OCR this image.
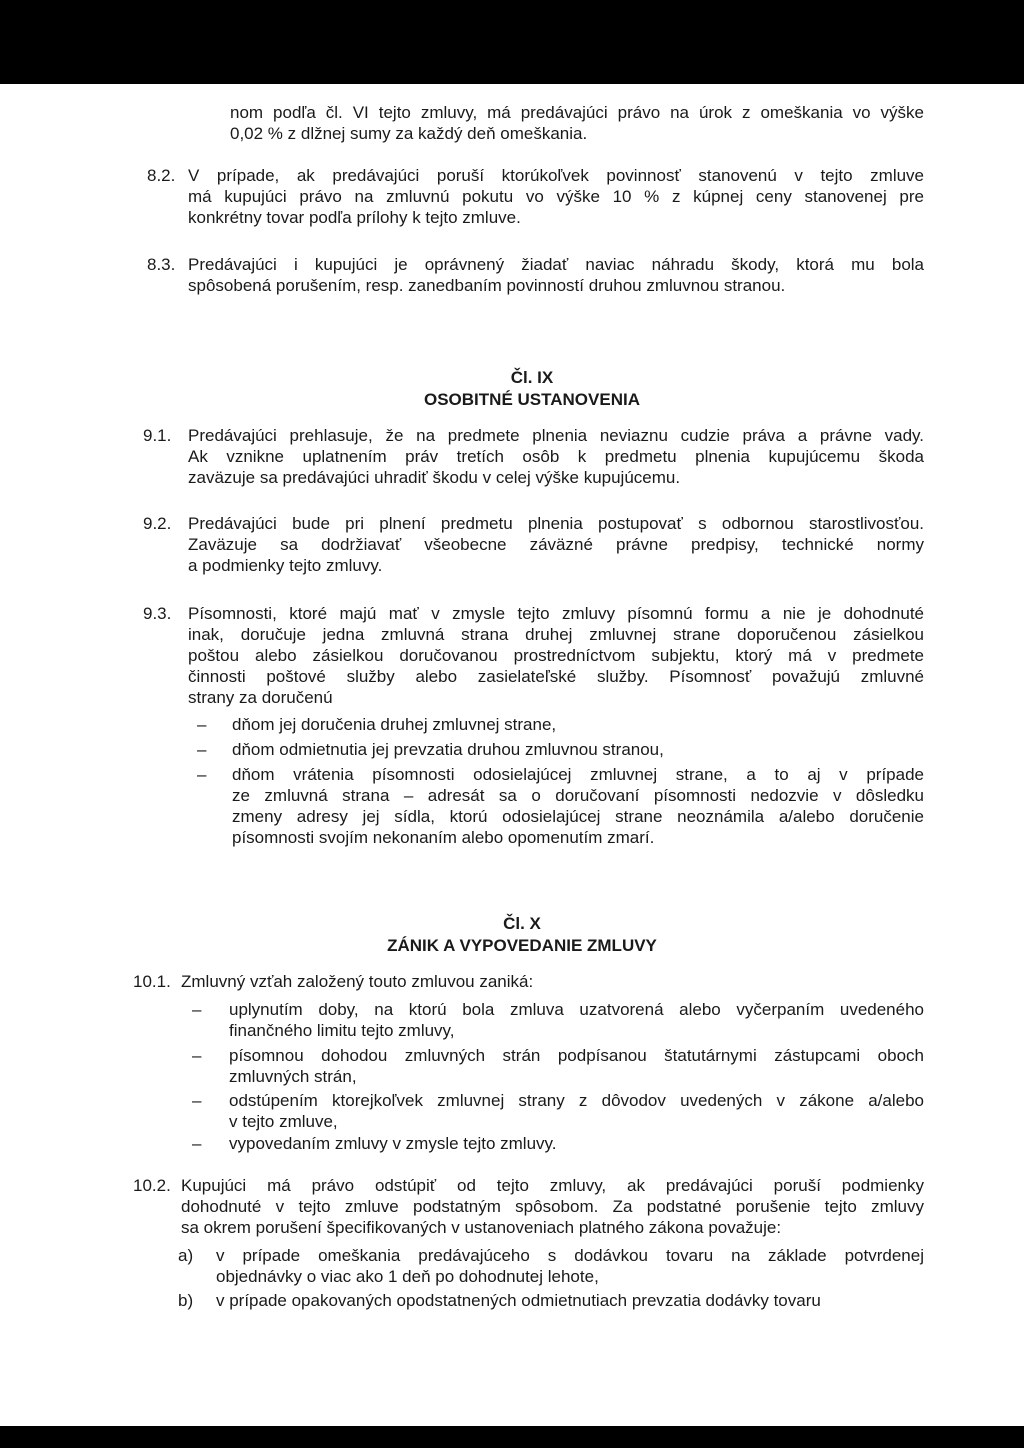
nom podľa čl. VI tejto zmluvy, má predávajúci právo na úrok z omeškania vo výške
0,02 % z dlžnej sumy za každý deň omeškania.
8.2. V prípade, ak predávajúci poruší ktorúkoľvek povinnosť stanovenú v tejto zmluve
má kupujúci právo na zmluvnú pokutu vo výške 10 % z kúpnej ceny stanovenej pre
konkrétny tovar podľa prílohy k tejto zmluve.
8.3. Predávajúci i kupujúci je oprávnený žiadať naviac náhradu škody, ktorá mu bola
spôsobená porušením, resp. zanedbaním povinností druhou zmluvnou stranou.
Čl. IX
OSOBITNÉ USTANOVENIA
9.1. Predávajúci prehlasuje, že na predmete plnenia neviaznu cudzie práva a právne vady.
Ak vznikne uplatnením práv tretích osôb k predmetu plnenia kupujúcemu škoda
zaväzuje sa predávajúci uhradiť škodu v celej výške kupujúcemu.
9.2. Predávajúci bude pri plnení predmetu plnenia postupovať s odbornou starostlivosťou.
Zaväzuje sa dodržiavať všeobecne záväzné právne predpisy, technické normy
a podmienky tejto zmluvy.
9.3. Písomnosti, ktoré majú mať v zmysle tejto zmluvy písomnú formu a nie je dohodnuté
inak, doručuje jedna zmluvná strana druhej zmluvnej strane doporučenou zásielkou
poštou alebo zásielkou doručovanou prostredníctvom subjektu, ktorý má v predmete
činnosti poštové služby alebo zasielateľské služby. Písomnosť považujú zmluvné
strany za doručenú
– dňom jej doručenia druhej zmluvnej strane,
– dňom odmietnutia jej prevzatia druhou zmluvnou stranou,
– dňom vrátenia písomnosti odosielajúcej zmluvnej strane, a to aj v prípade
ze zmluvná strana – adresát sa o doručovaní písomnosti nedozvie v dôsledku
zmeny adresy jej sídla, ktorú odosielajúcej strane neoznámila a/alebo doručenie
písomnosti svojím nekonaním alebo opomenutím zmarí.
Čl. X
ZÁNIK A VYPOVEDANIE ZMLUVY
10.1. Zmluvný vzťah založený touto zmluvou zaniká:
– uplynutím doby, na ktorú bola zmluva uzatvorená alebo vyčerpaním uvedeného
finančného limitu tejto zmluvy,
– písomnou dohodou zmluvných strán podpísanou štatutárnymi zástupcami oboch
zmluvných strán,
– odstúpením ktorejkoľvek zmluvnej strany z dôvodov uvedených v zákone a/alebo
v tejto zmluve,
– vypovedaním zmluvy v zmysle tejto zmluvy.
10.2. Kupujúci má právo odstúpiť od tejto zmluvy, ak predávajúci poruší podmienky
dohodnuté v tejto zmluve podstatným spôsobom. Za podstatné porušenie tejto zmluvy
sa okrem porušení špecifikovaných v ustanoveniach platného zákona považuje:
a) v prípade omeškania predávajúceho s dodávkou tovaru na základe potvrdenej
objednávky o viac ako 1 deň po dohodnutej lehote,
b) v prípade opakovaných opodstatnených odmietnutiach prevzatia dodávky tovaru
